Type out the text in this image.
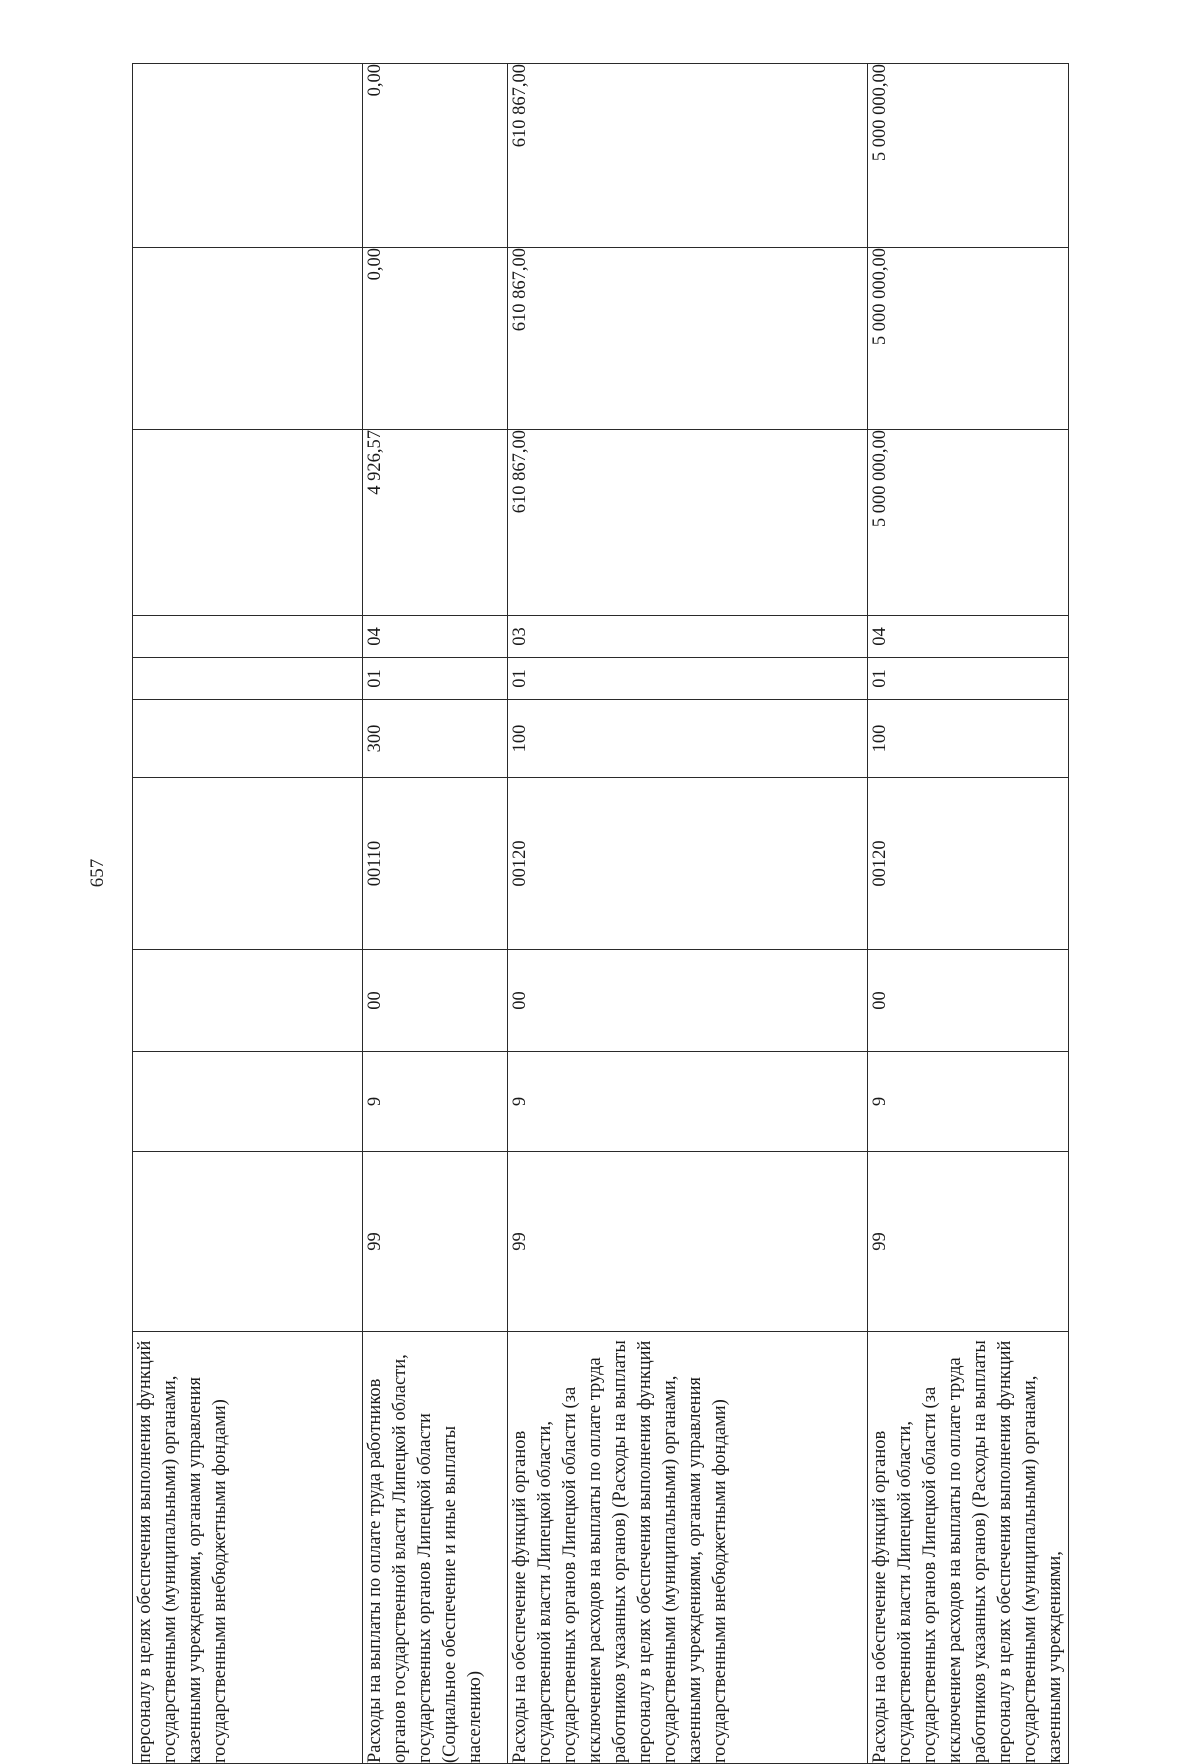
657
персоналу в целях обеспечения выполнения функций государственными (муниципальными) органами, казенными учреждениями, органами управления государственными внебюджетными фондами)										
Расходы на выплаты по оплате труда работников органов государственной власти Липецкой области, государственных органов Липецкой области (Социальное обеспечение и иные выплаты населению)	99	9	00	00110	300	01	04	4 926,57	0,00	0,00
Расходы на обеспечение функций органов государственной власти Липецкой области, государственных органов Липецкой области (за исключением расходов на выплаты по оплате труда работников указанных органов) (Расходы на выплаты персоналу в целях обеспечения выполнения функций государственными (муниципальными) органами, казенными учреждениями, органами управления государственными внебюджетными фондами)	99	9	00	00120	100	01	03	610 867,00	610 867,00	610 867,00
Расходы на обеспечение функций органов государственной власти Липецкой области, государственных органов Липецкой области (за исключением расходов на выплаты по оплате труда работников указанных органов) (Расходы на выплаты персоналу в целях обеспечения выполнения функций государственными (муниципальными) органами, казенными учреждениями,	99	9	00	00120	100	01	04	5 000 000,00	5 000 000,00	5 000 000,00
